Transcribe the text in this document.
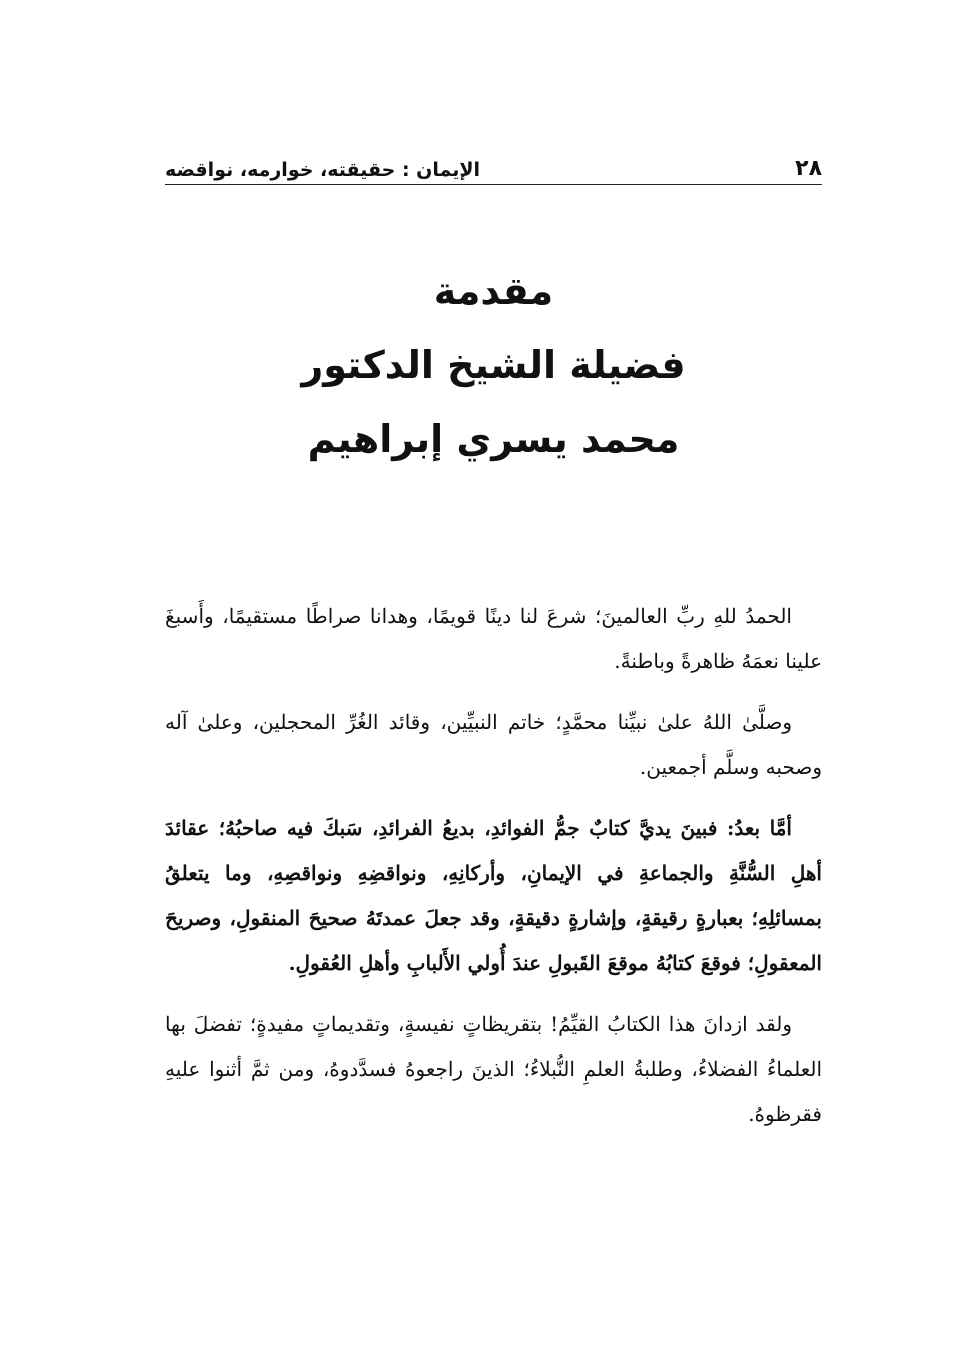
٢٨
الإيمان : حقيقته، خوارمه، نواقضه
مقدمة
فضيلة الشيخ الدكتور
محمد يسري إبراهيم

الحمدُ للهِ ربِّ العالمينَ؛ شرعَ لنا دينًا قويمًا، وهدانا صراطًا مستقيمًا، وأَسبغَ علينا نعمَهُ ظاهرةً وباطنةً.

وصلَّىٰ اللهُ علىٰ نبيِّنا محمَّدٍ؛ خاتم النبيِّين، وقائد الغُرِّ المحجلين، وعلىٰ آله وصحبه وسلَّم أجمعين.

أمَّا بعدُ: فبينَ يديَّ كتابٌ جمُّ الفوائدِ، بديعُ الفرائدِ، سَبكَ فيه صاحبُهُ؛ عقائدَ أهلِ السُّنَّةِ والجماعةِ في الإيمانِ، وأركانِهِ، ونواقضِهِ ونواقصِهِ، وما يتعلقُ بمسائلِهِ؛ بعبارةٍ رقيقةٍ، وإشارةٍ دقيقةٍ، وقد جعلَ عمدتَهُ صحيحَ المنقولِ، وصريحَ المعقولِ؛ فوقعَ كتابُهُ موقعَ القَبولِ عندَ أُولي الأَلبابِ وأهلِ العُقولِ.

ولقد ازدانَ هذا الكتابُ القيِّمُ! بتقريظاتٍ نفيسةٍ، وتقديماتٍ مفيدةٍ؛ تفضلَ بها العلماءُ الفضلاءُ، وطلبةُ العلمِ النُّبلاءُ؛ الذينَ راجعوهُ فسدَّدوهُ، ومن ثمَّ أثنوا عليهِ فقرظوهُ.
